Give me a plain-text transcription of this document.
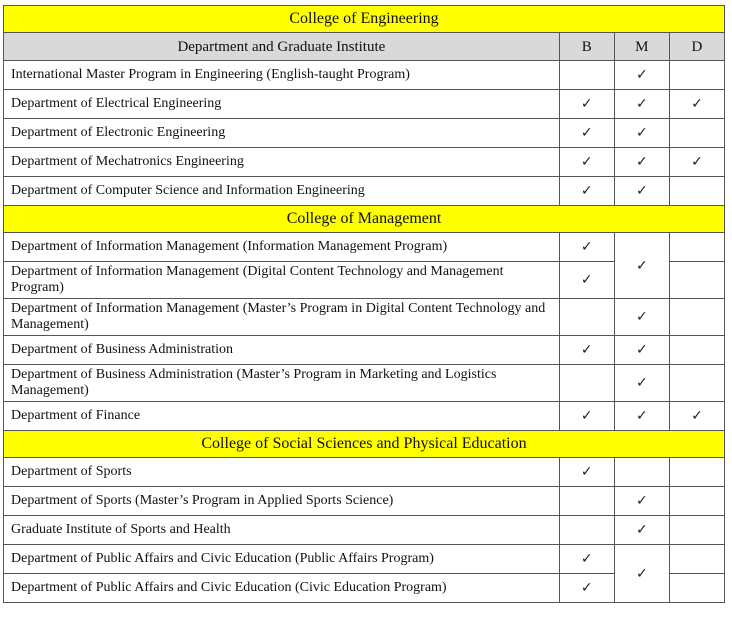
College of Engineering			
Department and Graduate Institute	B	M	D
International Master Program in Engineering (English-taught Program)		✓	
Department of Electrical Engineering	✓	✓	✓
Department of Electronic Engineering	✓	✓	
Department of Mechatronics Engineering	✓	✓	✓
Department of Computer Science and Information Engineering	✓	✓	
College of Management			
Department of Information Management (Information Management Program)	✓	✓	
Department of Information Management (Digital Content Technology and Management Program)	✓		
Department of Information Management (Master’s Program in Digital Content Technology and Management)		✓	
Department of Business Administration	✓	✓	
Department of Business Administration (Master’s Program in Marketing and Logistics Management)		✓	
Department of Finance	✓	✓	✓
College of Social Sciences and Physical Education			
Department of Sports	✓		
Department of Sports (Master’s Program in Applied Sports Science)		✓	
Graduate Institute of Sports and Health		✓	
Department of Public Affairs and Civic Education (Public Affairs Program)	✓	✓	
Department of Public Affairs and Civic Education (Civic Education Program)	✓		
